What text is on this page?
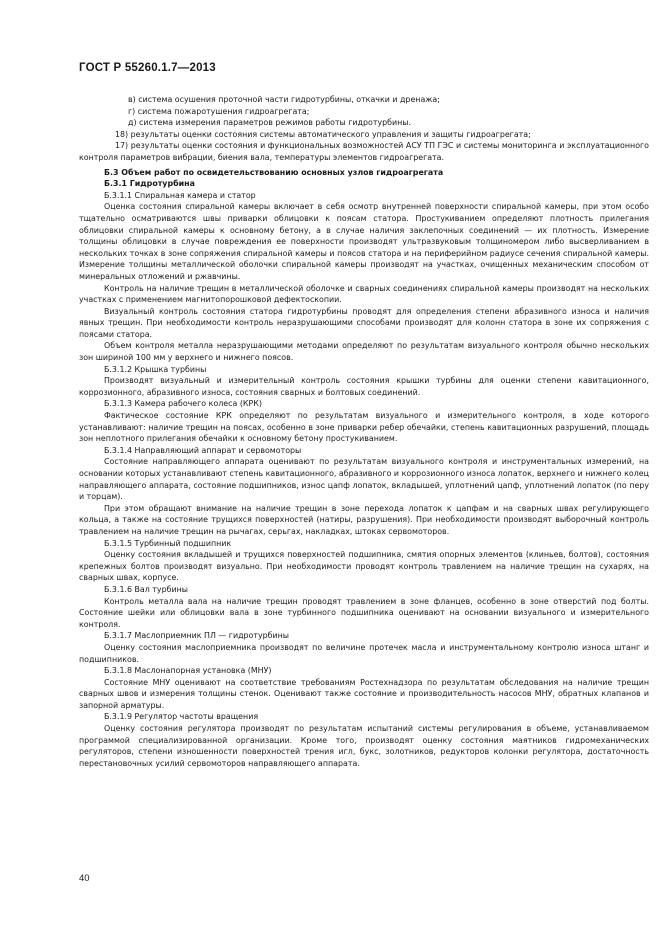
ГОСТ Р 55260.1.7—2013

в) система осушения проточной части гидротурбины, откачки и дренажа;

г) система пожаротушения гидроагрегата;

д) система измерения параметров режимов работы гидротурбины.

18) результаты оценки состояния системы автоматического управления и защиты гидроагрегата;

17) результаты оценки состояния и функциональных возможностей АСУ ТП ГЭС и системы мониторинга и эксплуатационного контроля параметров вибрации, биения вала, температуры элементов гидроагрегата.

Б.3 Объем работ по освидетельствованию основных узлов гидроагрегата

Б.3.1 Гидротурбина

Б.3.1.1 Спиральная камера и статор

Оценка состояния спиральной камеры включает в себя осмотр внутренней поверхности спиральной камеры, при этом особо тщательно осматриваются швы приварки облицовки к поясам статора. Простукиванием определяют плотность прилегания облицовки спиральной камеры к основному бетону, а в случае наличия заклепочных соединений — их плотность. Измерение толщины облицовки в случае повреждения ее поверхности производят ультразвуковым толщиномером либо высверливанием в нескольких точках в зоне сопряжения спиральной камеры и поясов статора и на периферийном радиусе сечения спиральной камеры. Измерение толщины металлической оболочки спиральной камеры производят на участках, очищенных механическим способом от минеральных отложений и ржавчины.

Контроль на наличие трещин в металлической оболочке и сварных соединениях спиральной камеры производят на нескольких участках с применением магнитопорошковой дефектоскопии.

Визуальный контроль состояния статора гидротурбины проводят для определения степени абразивного износа и наличия явных трещин. При необходимости контроль неразрушающими способами производят для колонн статора в зоне их сопряжения с поясами статора.

Объем контроля металла неразрушающими методами определяют по результатам визуального контроля обычно нескольких зон шириной 100 мм у верхнего и нижнего поясов.

Б.3.1.2 Крышка турбины

Производят визуальный и измерительный контроль состояния крышки турбины для оценки степени кавитационного, коррозионного, абразивного износа, состояния сварных и болтовых соединений.

Б.3.1.3 Камера рабочего колеса (КРК)

Фактическое состояние КРК определяют по результатам визуального и измерительного контроля, в ходе которого устанавливают: наличие трещин на поясах, особенно в зоне приварки ребер обечайки, степень кавитационных разрушений, площадь зон неплотного прилегания обечайки к основному бетону простукиванием.

Б.3.1.4 Направляющий аппарат и сервомоторы

Состояние направляющего аппарата оценивают по результатам визуального контроля и инструментальных измерений, на основании которых устанавливают степень кавитационного, абразивного и коррозионного износа лопаток, верхнего и нижнего колец направляющего аппарата, состояние подшипников, износ цапф лопаток, вкладышей, уплотнений цапф, уплотнений лопаток (по перу и торцам).

При этом обращают внимание на наличие трещин в зоне перехода лопаток к цапфам и на сварных швах регулирующего кольца, а также на состояние трущихся поверхностей (натиры, разрушения). При необходимости производят выборочный контроль травлением на наличие трещин на рычагах, серьгах, накладках, штоках сервомоторов.

Б.3.1.5 Турбинный подшипник

Оценку состояния вкладышей и трущихся поверхностей подшипника, смятия опорных элементов (клиньев, болтов), состояния крепежных болтов производят визуально. При необходимости проводят контроль травлением на наличие трещин на сухарях, на сварных швах, корпусе.

Б.3.1.6 Вал турбины

Контроль металла вала на наличие трещин проводят травлением в зоне фланцев, особенно в зоне отверстий под болты. Состояние шейки или облицовки вала в зоне турбинного подшипника оценивают на основании визуального и измерительного контроля.

Б.3.1.7 Маслоприемник ПЛ — гидротурбины

Оценку состояния маслоприемника производят по величине протечек масла и инструментальному контролю износа штанг и подшипников.

Б.3.1.8 Маслонапорная установка (МНУ)

Состояние МНУ оценивают на соответствие требованиям Ростехнадзора по результатам обследования на наличие трещин сварных швов и измерения толщины стенок. Оценивают также состояние и производительность насосов МНУ, обратных клапанов и запорной арматуры.

Б.3.1.9 Регулятор частоты вращения

Оценку состояния регулятора производят по результатам испытаний системы регулирования в объеме, устанавливаемом программой специализированной организации. Кроме того, производят оценку состояния маятников гидромеханических регуляторов, степени изношенности поверхностей трения игл, букс, золотников, редукторов колонки регулятора, достаточность перестановочных усилий сервомоторов направляющего аппарата.

40
